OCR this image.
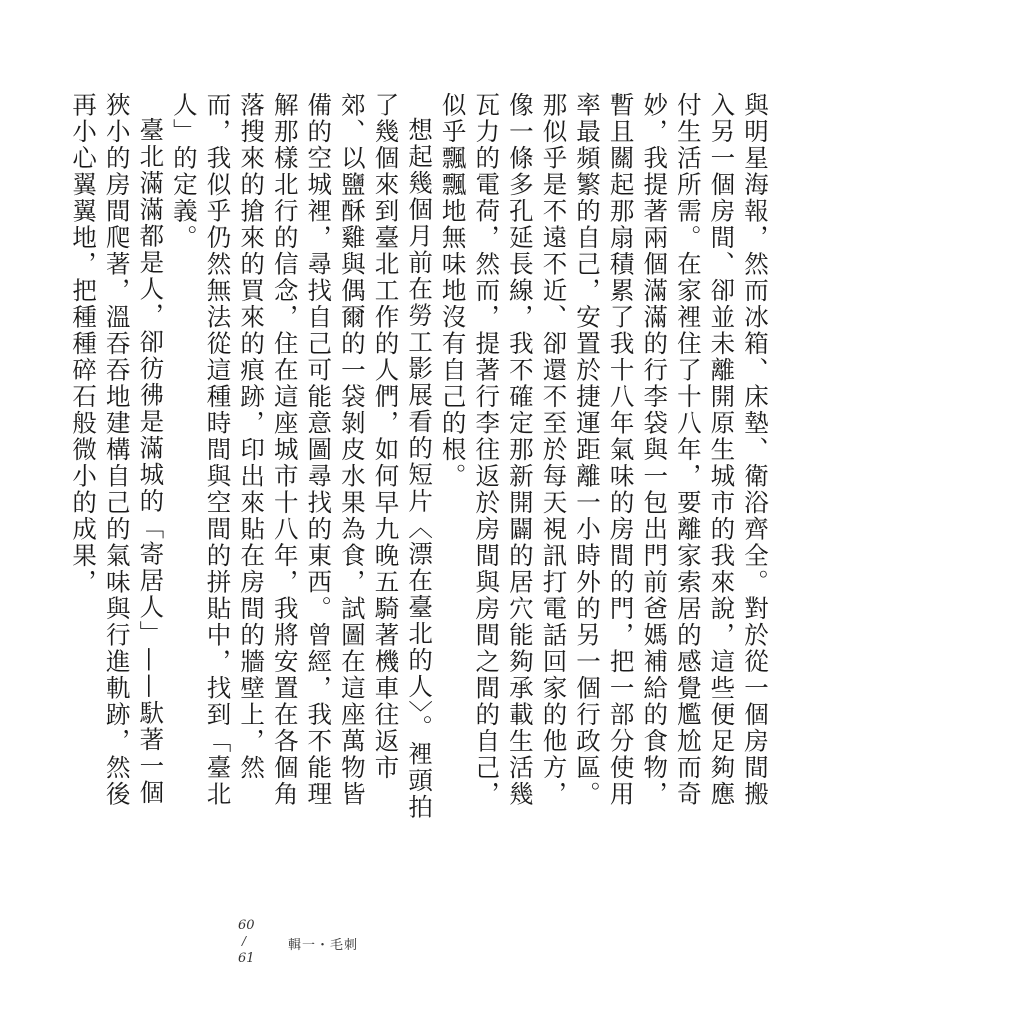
與明星海報，然而冰箱、床墊、衛浴齊全。對於從一個房間搬入另一個房間、卻並未離開原生城市的我來說，這些便足夠應付生活所需。在家裡住了十八年，要離家索居的感覺尷尬而奇妙，我提著兩個滿滿的行李袋與一包出門前爸媽補給的食物，暫且關起那扇積累了我十八年氣味的房間的門，把一部分使用率最頻繁的自己，安置於捷運距離一小時外的另一個行政區。那似乎是不遠不近、卻還不至於每天視訊打電話回家的他方，像一條多孔延長線，我不確定那新開闢的居穴能夠承載生活幾瓦力的電荷，然而，提著行李往返於房間與房間之間的自己，似乎飄飄地無味地沒有自己的根。

想起幾個月前在勞工影展看的短片〈漂在臺北的人〉。裡頭拍了幾個來到臺北工作的人們，如何早九晚五騎著機車往返市郊、以鹽酥雞與偶爾的一袋剝皮水果為食，試圖在這座萬物皆備的空城裡，尋找自己可能意圖尋找的東西。曾經，我不能理解那樣北行的信念，住在這座城市十八年，我將安置在各個角落搜來的搶來的買來的痕跡，印出來貼在房間的牆壁上，然而，我似乎仍然無法從這種時間與空間的拼貼中，找到「臺北人」的定義。

臺北滿滿都是人，卻彷彿是滿城的「寄居人」——馱著一個狹小的房間爬著，溫吞吞地建構自己的氣味與行進軌跡，然後再小心翼翼地，把種種碎石般微小的成果，

60
/
61
輯一・毛刺
